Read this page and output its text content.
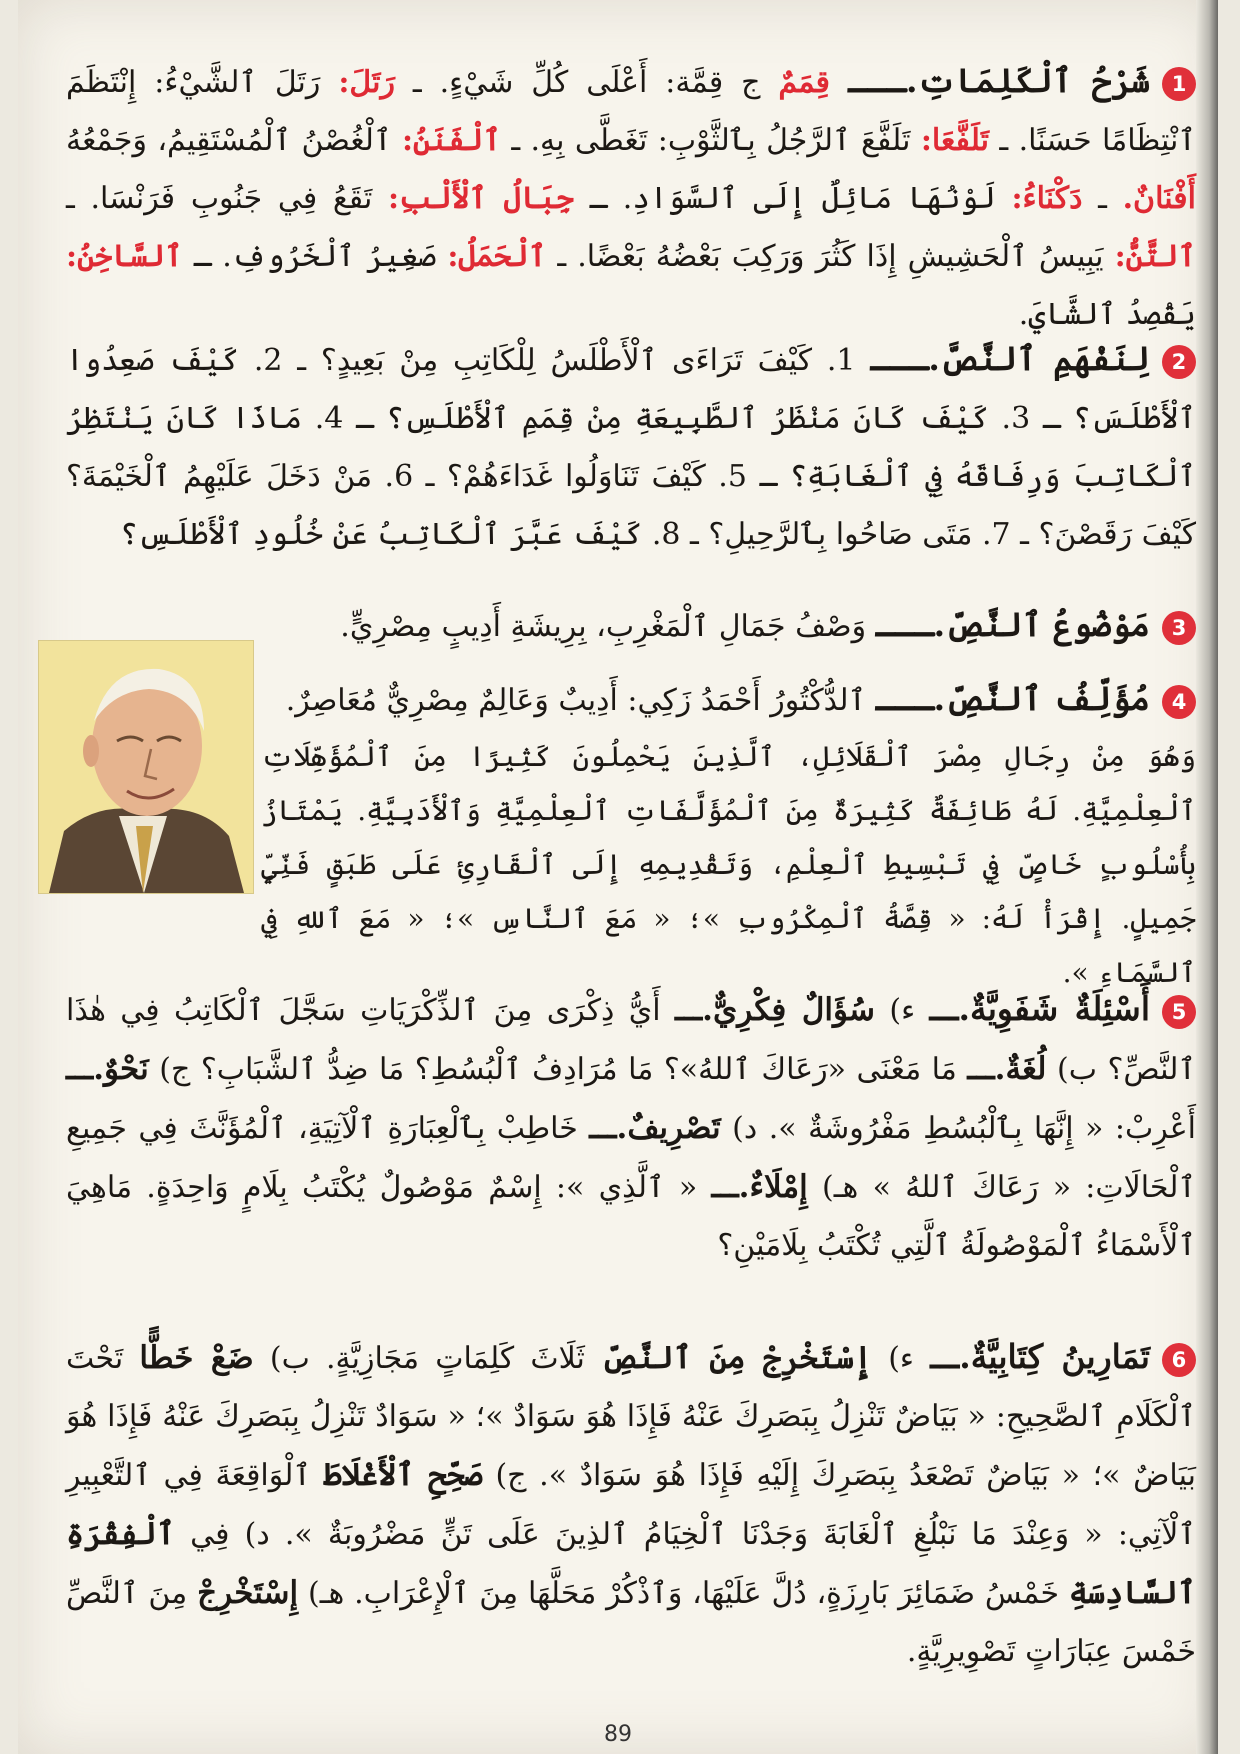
1شَرْحُ ٱلْكَلِمَاتِ.ـــ قِمَمٌ ج قِمَّة: أَعْلَى كُلِّ شَيْءٍ. ـ رَتَلَ: رَتَلَ ٱلشَّيْءُ: إِنْتَظَمَ ٱنْتِظَامًا حَسَنًا. ـ تَلَفَّعَا: تَلَفَّعَ ٱلرَّجُلُ بِٱلثَّوْبِ: تَغَطَّى بِهِ. ـ ٱلْفَنَنُ: ٱلْغُصْنُ ٱلْمُسْتَقِيمُ، وَجَمْعُهُ أَفْنَانٌ. ـ دَكْنَاءُ: لَوْنُهَا مَائِلٌ إِلَى ٱلسَّوَادِ. ـ جِبَالُ ٱلْأَلْبِ: تَقَعُ فِي جَنُوبِ فَرَنْسَا. ـ ٱلتَّنُّ: يَبِيسُ ٱلْحَشِيشِ إِذَا كَثُرَ وَرَكِبَ بَعْضُهُ بَعْضًا. ـ ٱلْحَمَلُ: صَغِيرُ ٱلْخَرُوفِ. ـ ٱلسَّاخِنُ: يَقْصِدُ ٱلشَّايَ.
2لِنَفْهَمِ ٱلنَّصَّ.ـــ 1. كَيْفَ تَرَاءَى ٱلْأَطْلَسُ لِلْكَاتِبِ مِنْ بَعِيدٍ؟ ـ 2. كَيْفَ صَعِدُوا ٱلْأَطْلَسَ؟ ـ 3. كَيْفَ كَانَ مَنْظَرُ ٱلطَّبِيعَةِ مِنْ قِمَمِ ٱلْأَطْلَسِ؟ ـ 4. مَاذَا كَانَ يَنْتَظِرُ ٱلْكَاتِبَ وَرِفَاقَهُ فِي ٱلْغَابَةِ؟ ـ 5. كَيْفَ تَنَاوَلُوا غَدَاءَهُمْ؟ ـ 6. مَنْ دَخَلَ عَلَيْهِمُ ٱلْخَيْمَةَ؟ كَيْفَ رَقَصْنَ؟ ـ 7. مَتَى صَاحُوا بِٱلرَّحِيلِ؟ ـ 8. كَيْفَ عَبَّرَ ٱلْكَاتِبُ عَنْ خُلُودِ ٱلْأَطْلَسِ؟
3مَوْضُوعُ ٱلنَّصِّ.ـــ وَصْفُ جَمَالِ ٱلْمَغْرِبِ، بِرِيشَةِ أَدِيبٍ مِصْرِيٍّ.
4مُؤَلِّفُ ٱلنَّصِّ.ـــ ٱلدُّكْتُورُ أَحْمَدُ زَكِي: أَدِيبٌ وَعَالِمٌ مِصْرِيٌّ مُعَاصِرٌ.
وَهُوَ مِنْ رِجَالِ مِصْرَ ٱلْقَلَائِلِ، ٱلَّذِينَ يَحْمِلُونَ كَثِيرًا مِنَ ٱلْمُؤَهِّلَاتِ ٱلْعِلْمِيَّةِ. لَهُ طَائِفَةٌ كَثِيرَةٌ مِنَ ٱلْمُؤَلَّفَاتِ ٱلْعِلْمِيَّةِ وَٱلْأَدَبِيَّةِ. يَمْتَازُ بِأُسْلُوبٍ خَاصٍّ فِي تَبْسِيطِ ٱلْعِلْمِ، وَتَقْدِيمِهِ إِلَى ٱلْقَارِئِ عَلَى طَبَقٍ فَنِّيٍّ جَمِيلٍ. إِقْرَأْ لَهُ: « قِصَّةُ ٱلْمِكْرُوبِ »؛ « مَعَ ٱلنَّاسِ »؛ « مَعَ ٱللهِ فِي ٱلسَّمَاءِ ».
5أَسْئِلَةٌ شَفَوِيَّةٌ.ـــ ء) سُؤَالٌ فِكْرِيٌّ.ـــ أَيُّ ذِكْرَى مِنَ ٱلذِّكْرَيَاتِ سَجَّلَ ٱلْكَاتِبُ فِي هٰذَا ٱلنَّصِّ؟ ب) لُغَةٌ.ـــ مَا مَعْنَى «رَعَاكَ ٱللهُ»؟ مَا مُرَادِفُ ٱلْبُسُطِ؟ مَا ضِدُّ ٱلشَّبَابِ؟ ج) نَحْوٌ.ـــ أَعْرِبْ: « إِنَّهَا بِٱلْبُسُطِ مَفْرُوشَةٌ ». د) تَصْرِيفٌ.ـــ خَاطِبْ بِٱلْعِبَارَةِ ٱلْآتِيَةِ، ٱلْمُؤَنَّثَ فِي جَمِيعِ ٱلْحَالَاتِ: « رَعَاكَ ٱللهُ » هـ) إِمْلَاءٌ.ـــ « ٱلَّذِي »: إِسْمٌ مَوْصُولٌ يُكْتَبُ بِلَامٍ وَاحِدَةٍ. مَاهِيَ ٱلْأَسْمَاءُ ٱلْمَوْصُولَةُ ٱلَّتِي تُكْتَبُ بِلَامَيْنِ؟
6تَمَارِينُ كِتَابِيَّةٌ.ـــ ء) إِسْتَخْرِجْ مِنَ ٱلنَّصِّ ثَلَاثَ كَلِمَاتٍ مَجَازِيَّةٍ. ب) ضَعْ خَطًّا تَحْتَ ٱلْكَلَامِ ٱلصَّحِيحِ: « بَيَاضٌ تَنْزِلُ بِبَصَرِكَ عَنْهُ فَإِذَا هُوَ سَوَادٌ »؛ « سَوَادٌ تَنْزِلُ بِبَصَرِكَ عَنْهُ فَإِذَا هُوَ بَيَاضٌ »؛ « بَيَاضٌ تَصْعَدُ بِبَصَرِكَ إِلَيْهِ فَإِذَا هُوَ سَوَادٌ ». ج) صَحِّحِ ٱلْأَغْلَاطَ ٱلْوَاقِعَةَ فِي ٱلتَّعْبِيرِ ٱلْآتِي: « وَعِنْدَ مَا نَبْلُغِ ٱلْغَابَةَ وَجَدْنَا ٱلْخِيَامُ ٱلذِينَ عَلَى تَنٍّ مَضْرُوبَةٌ ». د) فِي ٱلْفِقْرَةِ ٱلسَّادِسَةِ خَمْسُ ضَمَائِرَ بَارِزَةٍ، دُلَّ عَلَيْهَا، وَٱذْكُرْ مَحَلَّهَا مِنَ ٱلْإِعْرَابِ. هـ) إِسْتَخْرِجْ مِنَ ٱلنَّصِّ خَمْسَ عِبَارَاتٍ تَصْوِيرِيَّةٍ.
89
